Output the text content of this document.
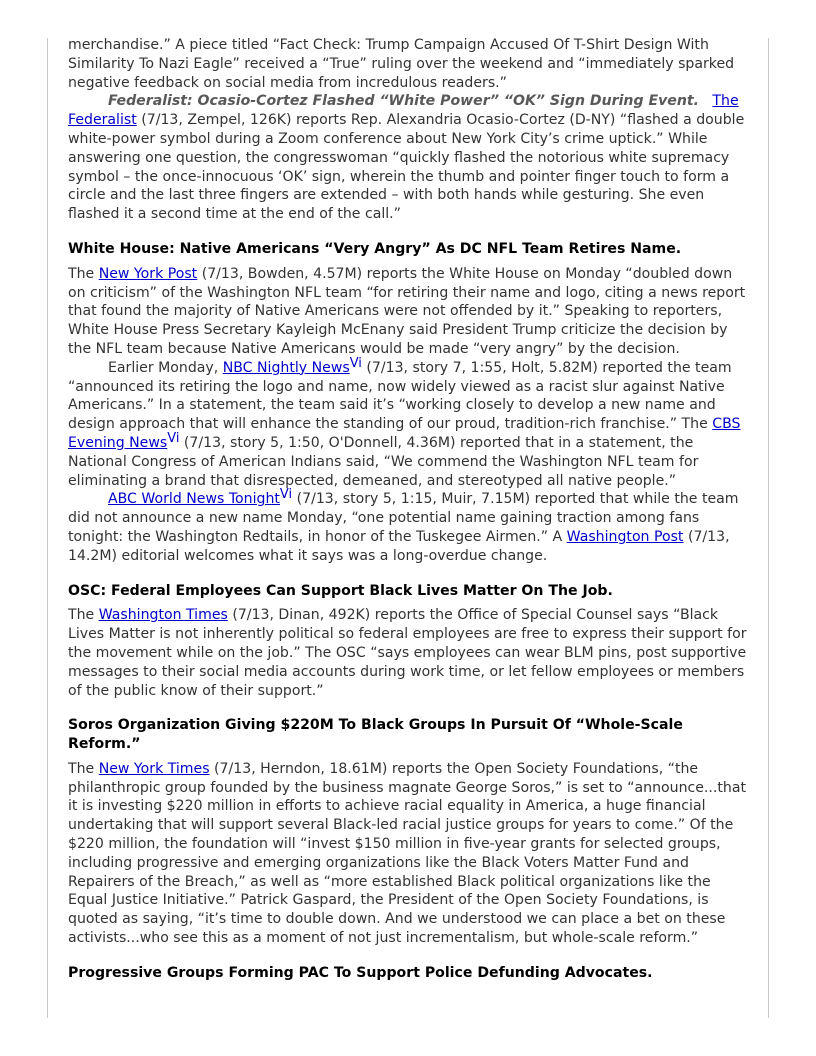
merchandise.” A piece titled “Fact Check: Trump Campaign Accused Of T-Shirt Design With Similarity To Nazi Eagle” received a “True” ruling over the weekend and “immediately sparked negative feedback on social media from incredulous readers.”

Federalist: Ocasio-Cortez Flashed “White Power” “OK” Sign During Event. The Federalist (7/13, Zempel, 126K) reports Rep. Alexandria Ocasio-Cortez (D-NY) “flashed a double white-power symbol during a Zoom conference about New York City’s crime uptick.” While answering one question, the congresswoman “quickly flashed the notorious white supremacy symbol – the once-innocuous ‘OK’ sign, wherein the thumb and pointer finger touch to form a circle and the last three fingers are extended – with both hands while gesturing. She even flashed it a second time at the end of the call.”

White House: Native Americans “Very Angry” As DC NFL Team Retires Name.

The New York Post (7/13, Bowden, 4.57M) reports the White House on Monday “doubled down on criticism” of the Washington NFL team “for retiring their name and logo, citing a news report that found the majority of Native Americans were not offended by it.” Speaking to reporters, White House Press Secretary Kayleigh McEnany said President Trump criticize the decision by the NFL team because Native Americans would be made “very angry” by the decision.

Earlier Monday, NBC Nightly News$^{Vi}$ (7/13, story 7, 1:55, Holt, 5.82M) reported the team “announced its retiring the logo and name, now widely viewed as a racist slur against Native Americans.” In a statement, the team said it’s “working closely to develop a new name and design approach that will enhance the standing of our proud, tradition-rich franchise.” The CBS Evening News$^{Vi}$ (7/13, story 5, 1:50, O'Donnell, 4.36M) reported that in a statement, the National Congress of American Indians said, “We commend the Washington NFL team for eliminating a brand that disrespected, demeaned, and stereotyped all native people.”

ABC World News Tonight$^{Vi}$ (7/13, story 5, 1:15, Muir, 7.15M) reported that while the team did not announce a new name Monday, “one potential name gaining traction among fans tonight: the Washington Redtails, in honor of the Tuskegee Airmen.” A Washington Post (7/13, 14.2M) editorial welcomes what it says was a long-overdue change.

OSC: Federal Employees Can Support Black Lives Matter On The Job.

The Washington Times (7/13, Dinan, 492K) reports the Office of Special Counsel says “Black Lives Matter is not inherently political so federal employees are free to express their support for the movement while on the job.” The OSC “says employees can wear BLM pins, post supportive messages to their social media accounts during work time, or let fellow employees or members of the public know of their support.”

Soros Organization Giving $220M To Black Groups In Pursuit Of “Whole-Scale Reform.”

The New York Times (7/13, Herndon, 18.61M) reports the Open Society Foundations, “the philanthropic group founded by the business magnate George Soros,” is set to “announce...that it is investing $220 million in efforts to achieve racial equality in America, a huge financial undertaking that will support several Black-led racial justice groups for years to come.” Of the $220 million, the foundation will “invest $150 million in five-year grants for selected groups, including progressive and emerging organizations like the Black Voters Matter Fund and Repairers of the Breach,” as well as “more established Black political organizations like the Equal Justice Initiative.” Patrick Gaspard, the President of the Open Society Foundations, is quoted as saying, “it’s time to double down. And we understood we can place a bet on these activists...who see this as a moment of not just incrementalism, but whole-scale reform.”

Progressive Groups Forming PAC To Support Police Defunding Advocates.
